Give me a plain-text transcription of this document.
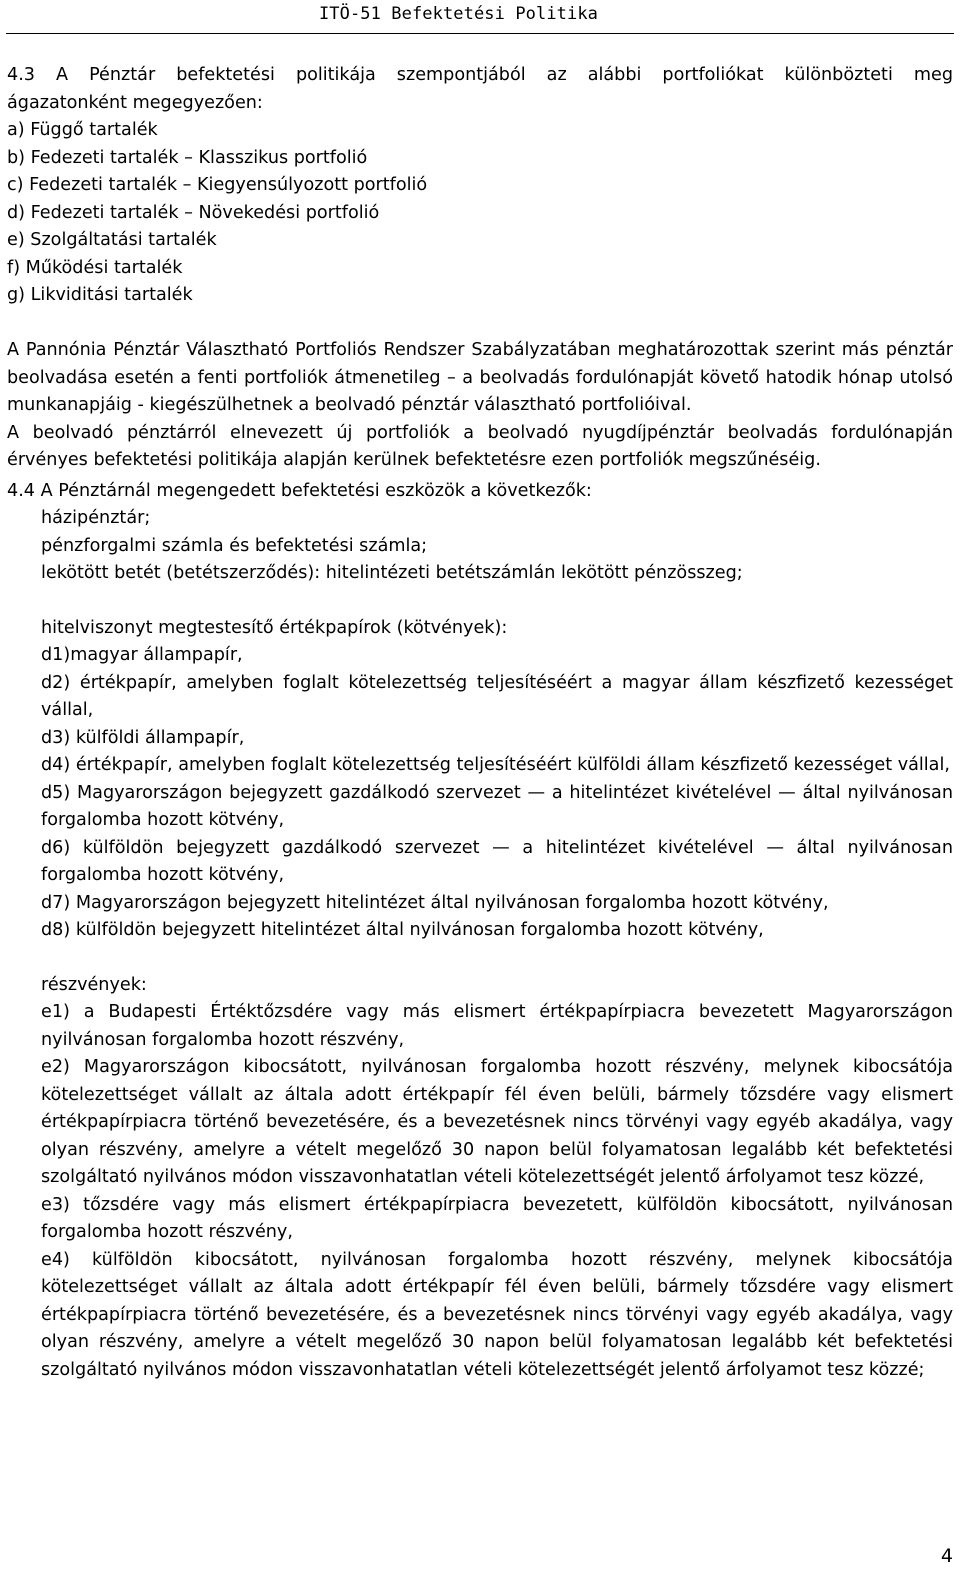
ITÖ-51 Befektetési Politika

4.3 A Pénztár befektetési politikája szempontjából az alábbi portfoliókat különbözteti meg

ágazatonként megegyezően:

a) Függő tartalék

b) Fedezeti tartalék – Klasszikus portfolió

c) Fedezeti tartalék – Kiegyensúlyozott portfolió

d) Fedezeti tartalék – Növekedési portfolió

e) Szolgáltatási tartalék

f) Működési tartalék

g) Likviditási tartalék

A Pannónia Pénztár Választható Portfoliós Rendszer Szabályzatában meghatározottak szerint más pénztár beolvadása esetén a fenti portfoliók átmenetileg – a beolvadás fordulónapját követő hatodik hónap utolsó munkanapjáig - kiegészülhetnek a beolvadó pénztár választható portfolióival.

A beolvadó pénztárról elnevezett új portfoliók a beolvadó nyugdíjpénztár beolvadás fordulónapján érvényes befektetési politikája alapján kerülnek befektetésre ezen portfoliók megszűnéséig.

4.4 A Pénztárnál megengedett befektetési eszközök a következők:

házipénztár;

pénzforgalmi számla és befektetési számla;

lekötött betét (betétszerződés): hitelintézeti betétszámlán lekötött pénzösszeg;

hitelviszonyt megtestesítő értékpapírok (kötvények):

d1)magyar állampapír,

d2) értékpapír, amelyben foglalt kötelezettség teljesítéséért a magyar állam készfizető kezességet vállal,

d3) külföldi állampapír,

d4) értékpapír, amelyben foglalt kötelezettség teljesítéséért külföldi állam készfizető kezességet vállal,

d5) Magyarországon bejegyzett gazdálkodó szervezet — a hitelintézet kivételével — által nyilvánosan forgalomba hozott kötvény,

d6) külföldön bejegyzett gazdálkodó szervezet — a hitelintézet kivételével — által nyilvánosan forgalomba hozott kötvény,

d7) Magyarországon bejegyzett hitelintézet által nyilvánosan forgalomba hozott kötvény,

d8) külföldön bejegyzett hitelintézet által nyilvánosan forgalomba hozott kötvény,

részvények:

e1) a Budapesti Értéktőzsdére vagy más elismert értékpapírpiacra bevezetett Magyarországon nyilvánosan forgalomba hozott részvény,

e2) Magyarországon kibocsátott, nyilvánosan forgalomba hozott részvény, melynek kibocsátója kötelezettséget vállalt az általa adott értékpapír fél éven belüli, bármely tőzsdére vagy elismert értékpapírpiacra történő bevezetésére, és a bevezetésnek nincs törvényi vagy egyéb akadálya, vagy olyan részvény, amelyre a vételt megelőző 30 napon belül folyamatosan legalább két befektetési szolgáltató nyilvános módon visszavonhatatlan vételi kötelezettségét jelentő árfolyamot tesz közzé,

e3) tőzsdére vagy más elismert értékpapírpiacra bevezetett, külföldön kibocsátott, nyilvánosan forgalomba hozott részvény,

e4) külföldön kibocsátott, nyilvánosan forgalomba hozott részvény, melynek kibocsátója kötelezettséget vállalt az általa adott értékpapír fél éven belüli, bármely tőzsdére vagy elismert értékpapírpiacra történő bevezetésére, és a bevezetésnek nincs törvényi vagy egyéb akadálya, vagy olyan részvény, amelyre a vételt megelőző 30 napon belül folyamatosan legalább két befektetési szolgáltató nyilvános módon visszavonhatatlan vételi kötelezettségét jelentő árfolyamot tesz közzé;

4
